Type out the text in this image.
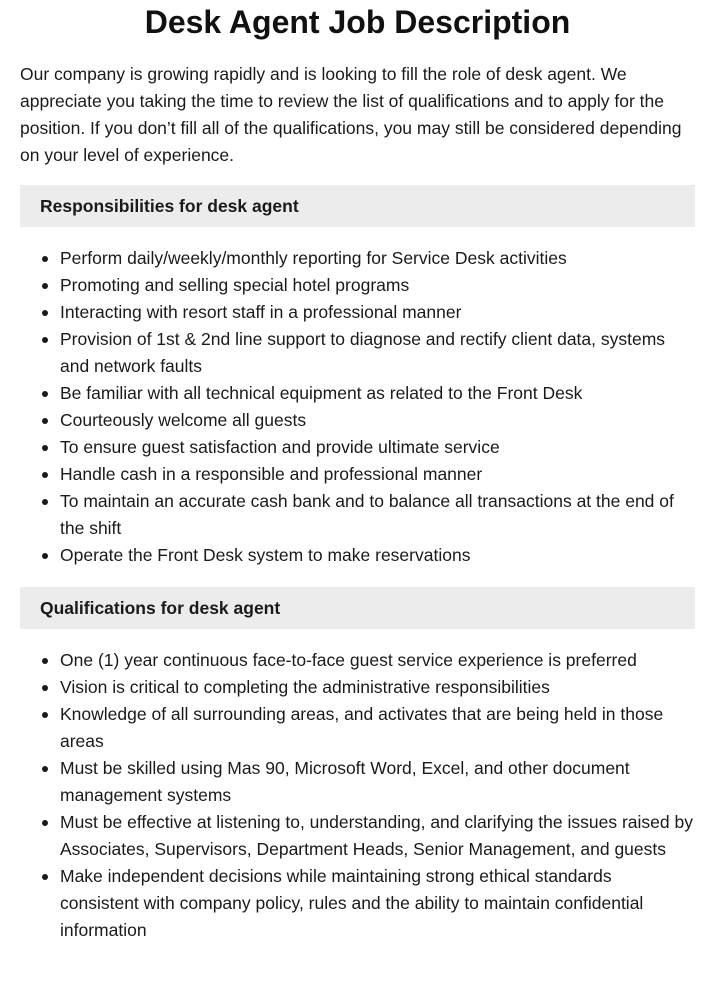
Desk Agent Job Description

Our company is growing rapidly and is looking to fill the role of desk agent. We appreciate you taking the time to review the list of qualifications and to apply for the position. If you don’t fill all of the qualifications, you may still be considered depending on your level of experience.

Responsibilities for desk agent
Perform daily/weekly/monthly reporting for Service Desk activities
Promoting and selling special hotel programs
Interacting with resort staff in a professional manner
Provision of 1st & 2nd line support to diagnose and rectify client data, systems and network faults
Be familiar with all technical equipment as related to the Front Desk
Courteously welcome all guests
To ensure guest satisfaction and provide ultimate service
Handle cash in a responsible and professional manner
To maintain an accurate cash bank and to balance all transactions at the end of the shift
Operate the Front Desk system to make reservations
Qualifications for desk agent
One (1) year continuous face-to-face guest service experience is preferred
Vision is critical to completing the administrative responsibilities
Knowledge of all surrounding areas, and activates that are being held in those areas
Must be skilled using Mas 90, Microsoft Word, Excel, and other document management systems
Must be effective at listening to, understanding, and clarifying the issues raised by Associates, Supervisors, Department Heads, Senior Management, and guests
Make independent decisions while maintaining strong ethical standards consistent with company policy, rules and the ability to maintain confidential information
